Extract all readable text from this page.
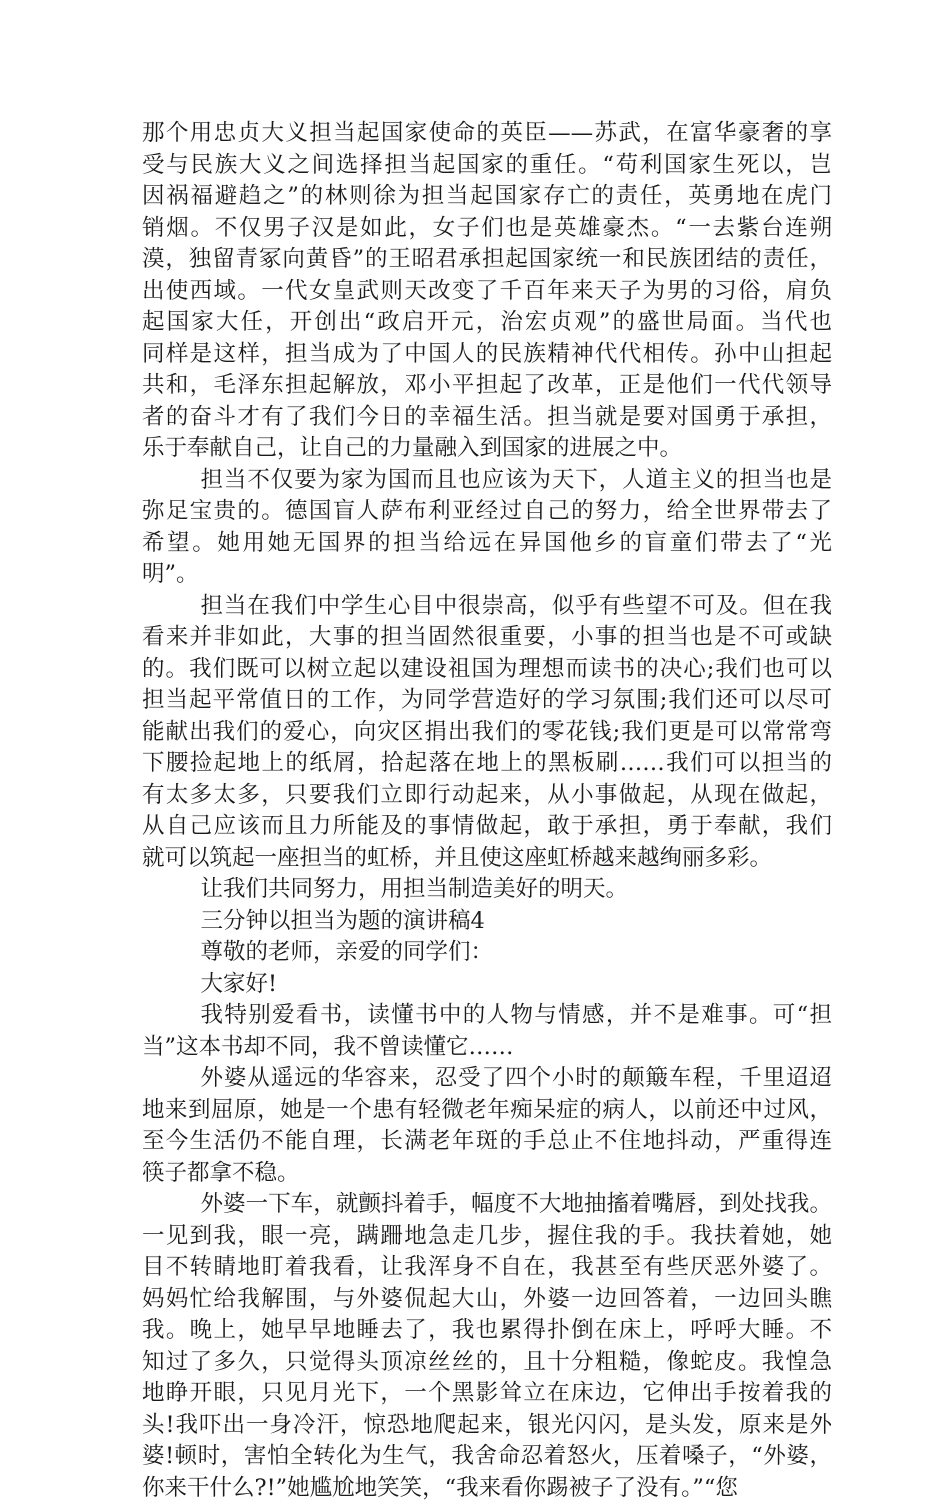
那个用忠贞大义担当起国家使命的英臣——苏武，在富华豪奢的享
受与民族大义之间选择担当起国家的重任。“苟利国家生死以，岂
因祸福避趋之”的林则徐为担当起国家存亡的责任，英勇地在虎门
销烟。不仅男子汉是如此，女子们也是英雄豪杰。“一去紫台连朔
漠，独留青冢向黄昏”的王昭君承担起国家统一和民族团结的责任，
出使西域。一代女皇武则天改变了千百年来天子为男的习俗，肩负
起国家大任，开创出“政启开元，治宏贞观”的盛世局面。当代也
同样是这样，担当成为了中国人的民族精神代代相传。孙中山担起
共和，毛泽东担起解放，邓小平担起了改革，正是他们一代代领导
者的奋斗才有了我们今日的幸福生活。担当就是要对国勇于承担，
乐于奉献自己，让自己的力量融入到国家的进展之中。
担当不仅要为家为国而且也应该为天下，人道主义的担当也是
弥足宝贵的。德国盲人萨布利亚经过自己的努力，给全世界带去了
希望。她用她无国界的担当给远在异国他乡的盲童们带去了“光
明”。
担当在我们中学生心目中很崇高，似乎有些望不可及。但在我
看来并非如此，大事的担当固然很重要，小事的担当也是不可或缺
的。我们既可以树立起以建设祖国为理想而读书的决心;我们也可以
担当起平常值日的工作，为同学营造好的学习氛围;我们还可以尽可
能献出我们的爱心，向灾区捐出我们的零花钱;我们更是可以常常弯
下腰捡起地上的纸屑，拾起落在地上的黑板刷……我们可以担当的
有太多太多，只要我们立即行动起来，从小事做起，从现在做起，
从自己应该而且力所能及的事情做起，敢于承担，勇于奉献，我们
就可以筑起一座担当的虹桥，并且使这座虹桥越来越绚丽多彩。
让我们共同努力，用担当制造美好的明天。
三分钟以担当为题的演讲稿4
尊敬的老师，亲爱的同学们：
大家好!
我特别爱看书，读懂书中的人物与情感，并不是难事。可“担
当”这本书却不同，我不曾读懂它……
外婆从遥远的华容来，忍受了四个小时的颠簸车程，千里迢迢
地来到屈原，她是一个患有轻微老年痴呆症的病人，以前还中过风，
至今生活仍不能自理，长满老年斑的手总止不住地抖动，严重得连
筷子都拿不稳。
外婆一下车，就颤抖着手，幅度不大地抽搐着嘴唇，到处找我。
一见到我，眼一亮，蹒跚地急走几步，握住我的手。我扶着她，她
目不转睛地盯着我看，让我浑身不自在，我甚至有些厌恶外婆了。
妈妈忙给我解围，与外婆侃起大山，外婆一边回答着，一边回头瞧
我。晚上，她早早地睡去了，我也累得扑倒在床上，呼呼大睡。不
知过了多久，只觉得头顶凉丝丝的，且十分粗糙，像蛇皮。我惶急
地睁开眼，只见月光下，一个黑影耸立在床边，它伸出手按着我的
头!我吓出一身冷汗，惊恐地爬起来，银光闪闪，是头发，原来是外
婆!顿时，害怕全转化为生气，我舍命忍着怒火，压着嗓子，“外婆，
你来干什么?!”她尴尬地笑笑，“我来看你踢被子了没有。”“您
